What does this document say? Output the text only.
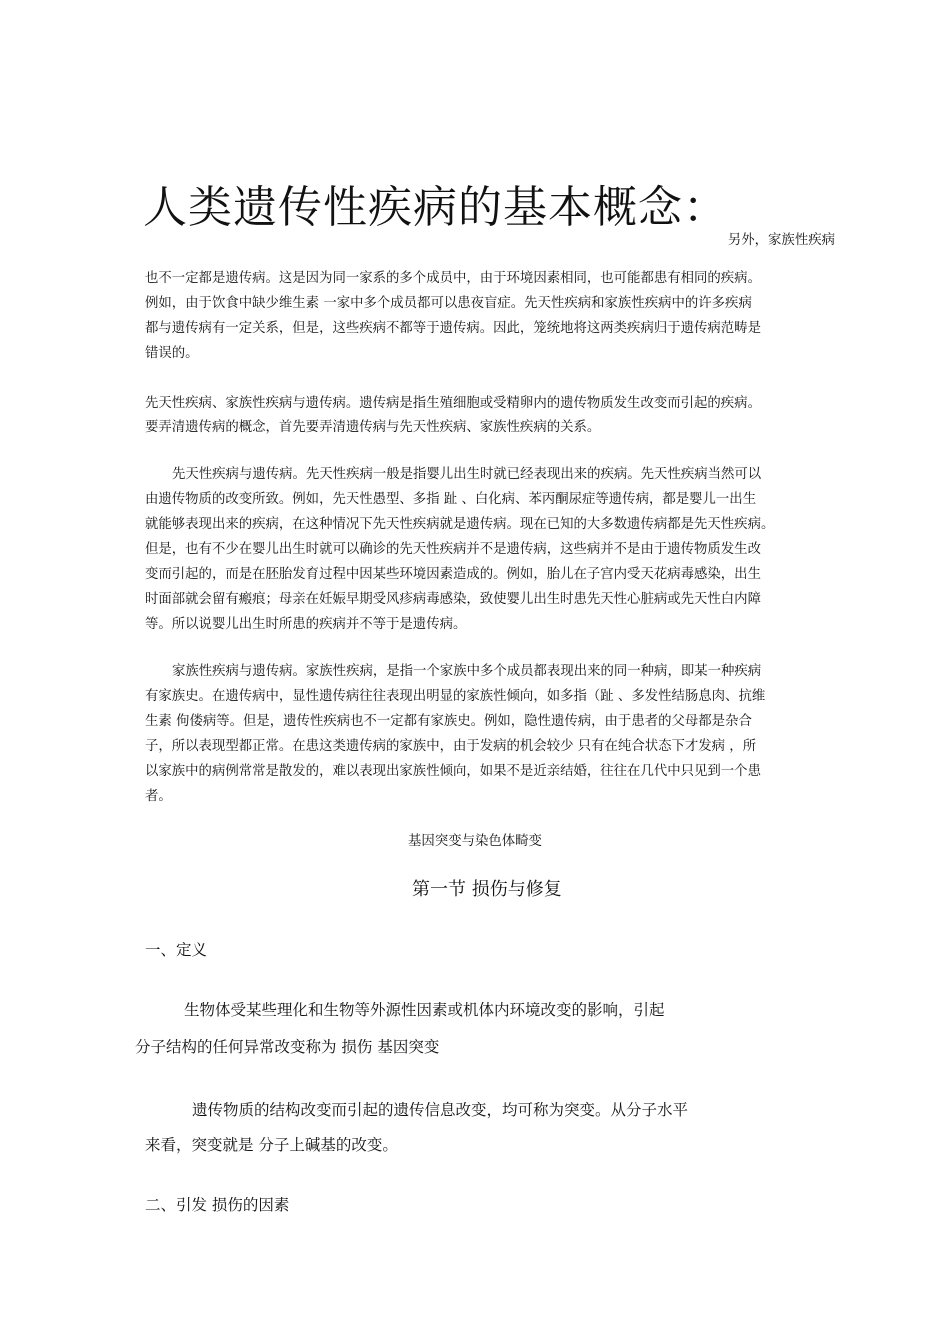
人类遗传性疾病的基本概念：
另外，家族性疾病
也不一定都是遗传病。这是因为同一家系的多个成员中，由于环境因素相同，也可能都患有相同的疾病。
例如，由于饮食中缺少维生素 一家中多个成员都可以患夜盲症。先天性疾病和家族性疾病中的许多疾病
都与遗传病有一定关系，但是，这些疾病不都等于遗传病。因此，笼统地将这两类疾病归于遗传病范畴是
错误的。
先天性疾病、家族性疾病与遗传病。遗传病是指生殖细胞或受精卵内的遗传物质发生改变而引起的疾病。
要弄清遗传病的概念，首先要弄清遗传病与先天性疾病、家族性疾病的关系。
先天性疾病与遗传病。先天性疾病一般是指婴儿出生时就已经表现出来的疾病。先天性疾病当然可以
由遗传物质的改变所致。例如，先天性愚型、多指 趾 、白化病、苯丙酮尿症等遗传病，都是婴儿一出生
就能够表现出来的疾病，在这种情况下先天性疾病就是遗传病。现在已知的大多数遗传病都是先天性疾病。
但是，也有不少在婴儿出生时就可以确诊的先天性疾病并不是遗传病，这些病并不是由于遗传物质发生改
变而引起的，而是在胚胎发育过程中因某些环境因素造成的。例如，胎儿在子宫内受天花病毒感染，出生
时面部就会留有瘢痕；母亲在妊娠早期受风疹病毒感染，致使婴儿出生时患先天性心脏病或先天性白内障
等。所以说婴儿出生时所患的疾病并不等于是遗传病。
家族性疾病与遗传病。家族性疾病，是指一个家族中多个成员都表现出来的同一种病，即某一种疾病
有家族史。在遗传病中，显性遗传病往往表现出明显的家族性倾向，如多指（趾 、多发性结肠息肉、抗维
生素 佝偻病等。但是，遗传性疾病也不一定都有家族史。例如，隐性遗传病，由于患者的父母都是杂合
子，所以表现型都正常。在患这类遗传病的家族中，由于发病的机会较少 只有在纯合状态下才发病 ，所
以家族中的病例常常是散发的，难以表现出家族性倾向，如果不是近亲结婚，往往在几代中只见到一个患
者。
基因突变与染色体畸变
第一节 损伤与修复
一、定义
生物体受某些理化和生物等外源性因素或机体内环境改变的影响，引起
分子结构的任何异常改变称为 损伤 基因突变
遗传物质的结构改变而引起的遗传信息改变，均可称为突变。从分子水平
来看，突变就是 分子上碱基的改变。
二、引发 损伤的因素
